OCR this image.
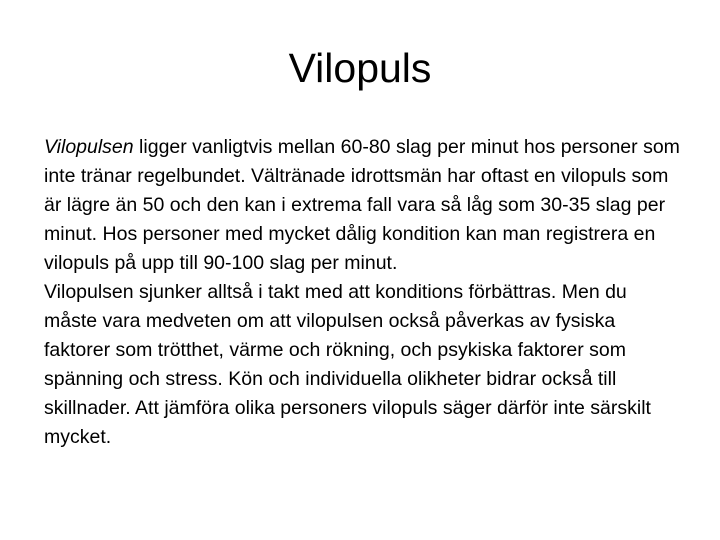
Vilopuls

Vilopulsen ligger vanligtvis mellan 60-80 slag per minut hos personer som inte tränar regelbundet. Vältränade idrottsmän har oftast en vilopuls som är lägre än 50 och den kan i extrema fall vara så låg som 30-35 slag per minut. Hos personer med mycket dålig kondition kan man registrera en vilopuls på upp till 90-100 slag per minut.

Vilopulsen sjunker alltså i takt med att konditions förbättras. Men du måste vara medveten om att vilopulsen också påverkas av fysiska faktorer som trötthet, värme och rökning, och psykiska faktorer som spänning och stress. Kön och individuella olikheter bidrar också till skillnader. Att jämföra olika personers vilopuls säger därför inte särskilt mycket.
